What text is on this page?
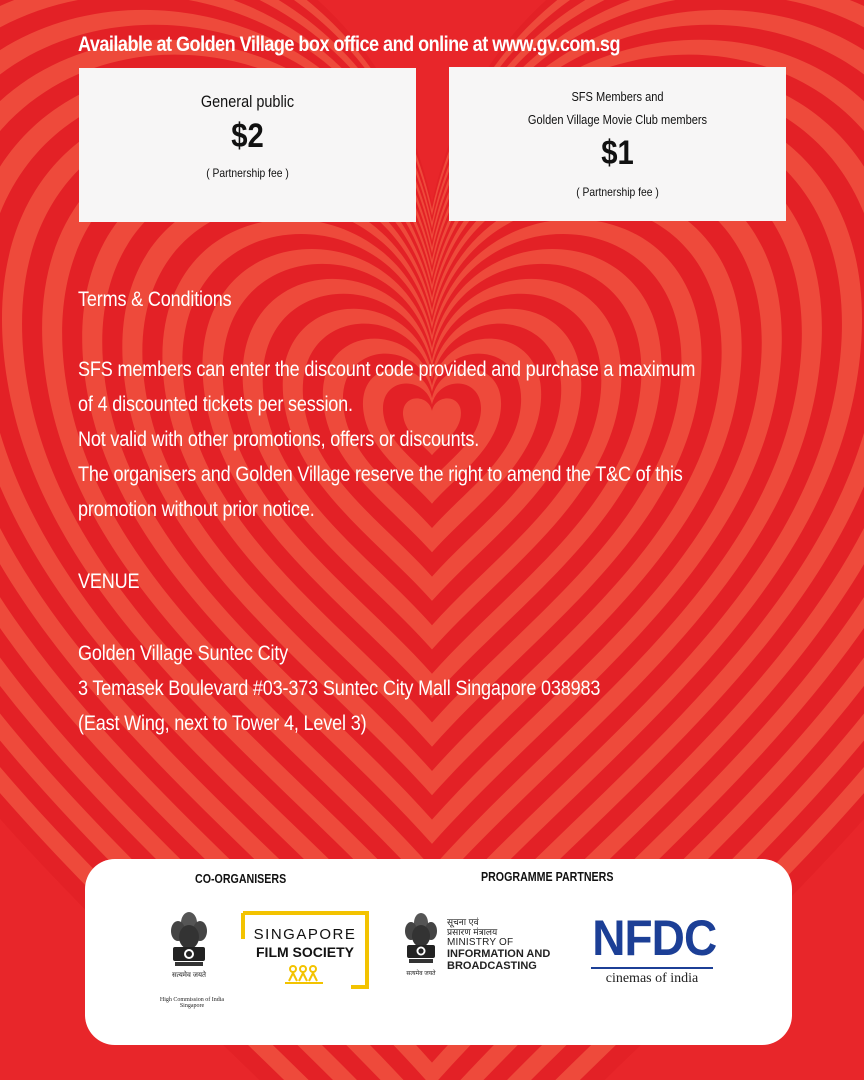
Available at Golden Village box office and online at www.gv.com.sg
General public
$2
( Partnership fee )
SFS Members and
Golden Village Movie Club members
$1
( Partnership fee )
Terms & Conditions
SFS members can enter the discount code provided and purchase a maximum
of 4 discounted tickets per session.
Not valid with other promotions, offers or discounts.
The organisers and Golden Village reserve the right to amend the T&C of this
promotion without prior notice.
VENUE
Golden Village Suntec City
3 Temasek Boulevard #03-373 Suntec City Mall Singapore 038983
(East Wing, next to Tower 4, Level 3)
CO-ORGANISERS	PROGRAMME PARTNERS
सत्यमेव जयते
High Commission of India
Singapore
SINGAPORE
FILM SOCIETY
सत्यमेव जयते
सूचना एवं
प्रसारण मंत्रालय
MINISTRY OF
INFORMATION AND
BROADCASTING	NFDC
cinemas of india
